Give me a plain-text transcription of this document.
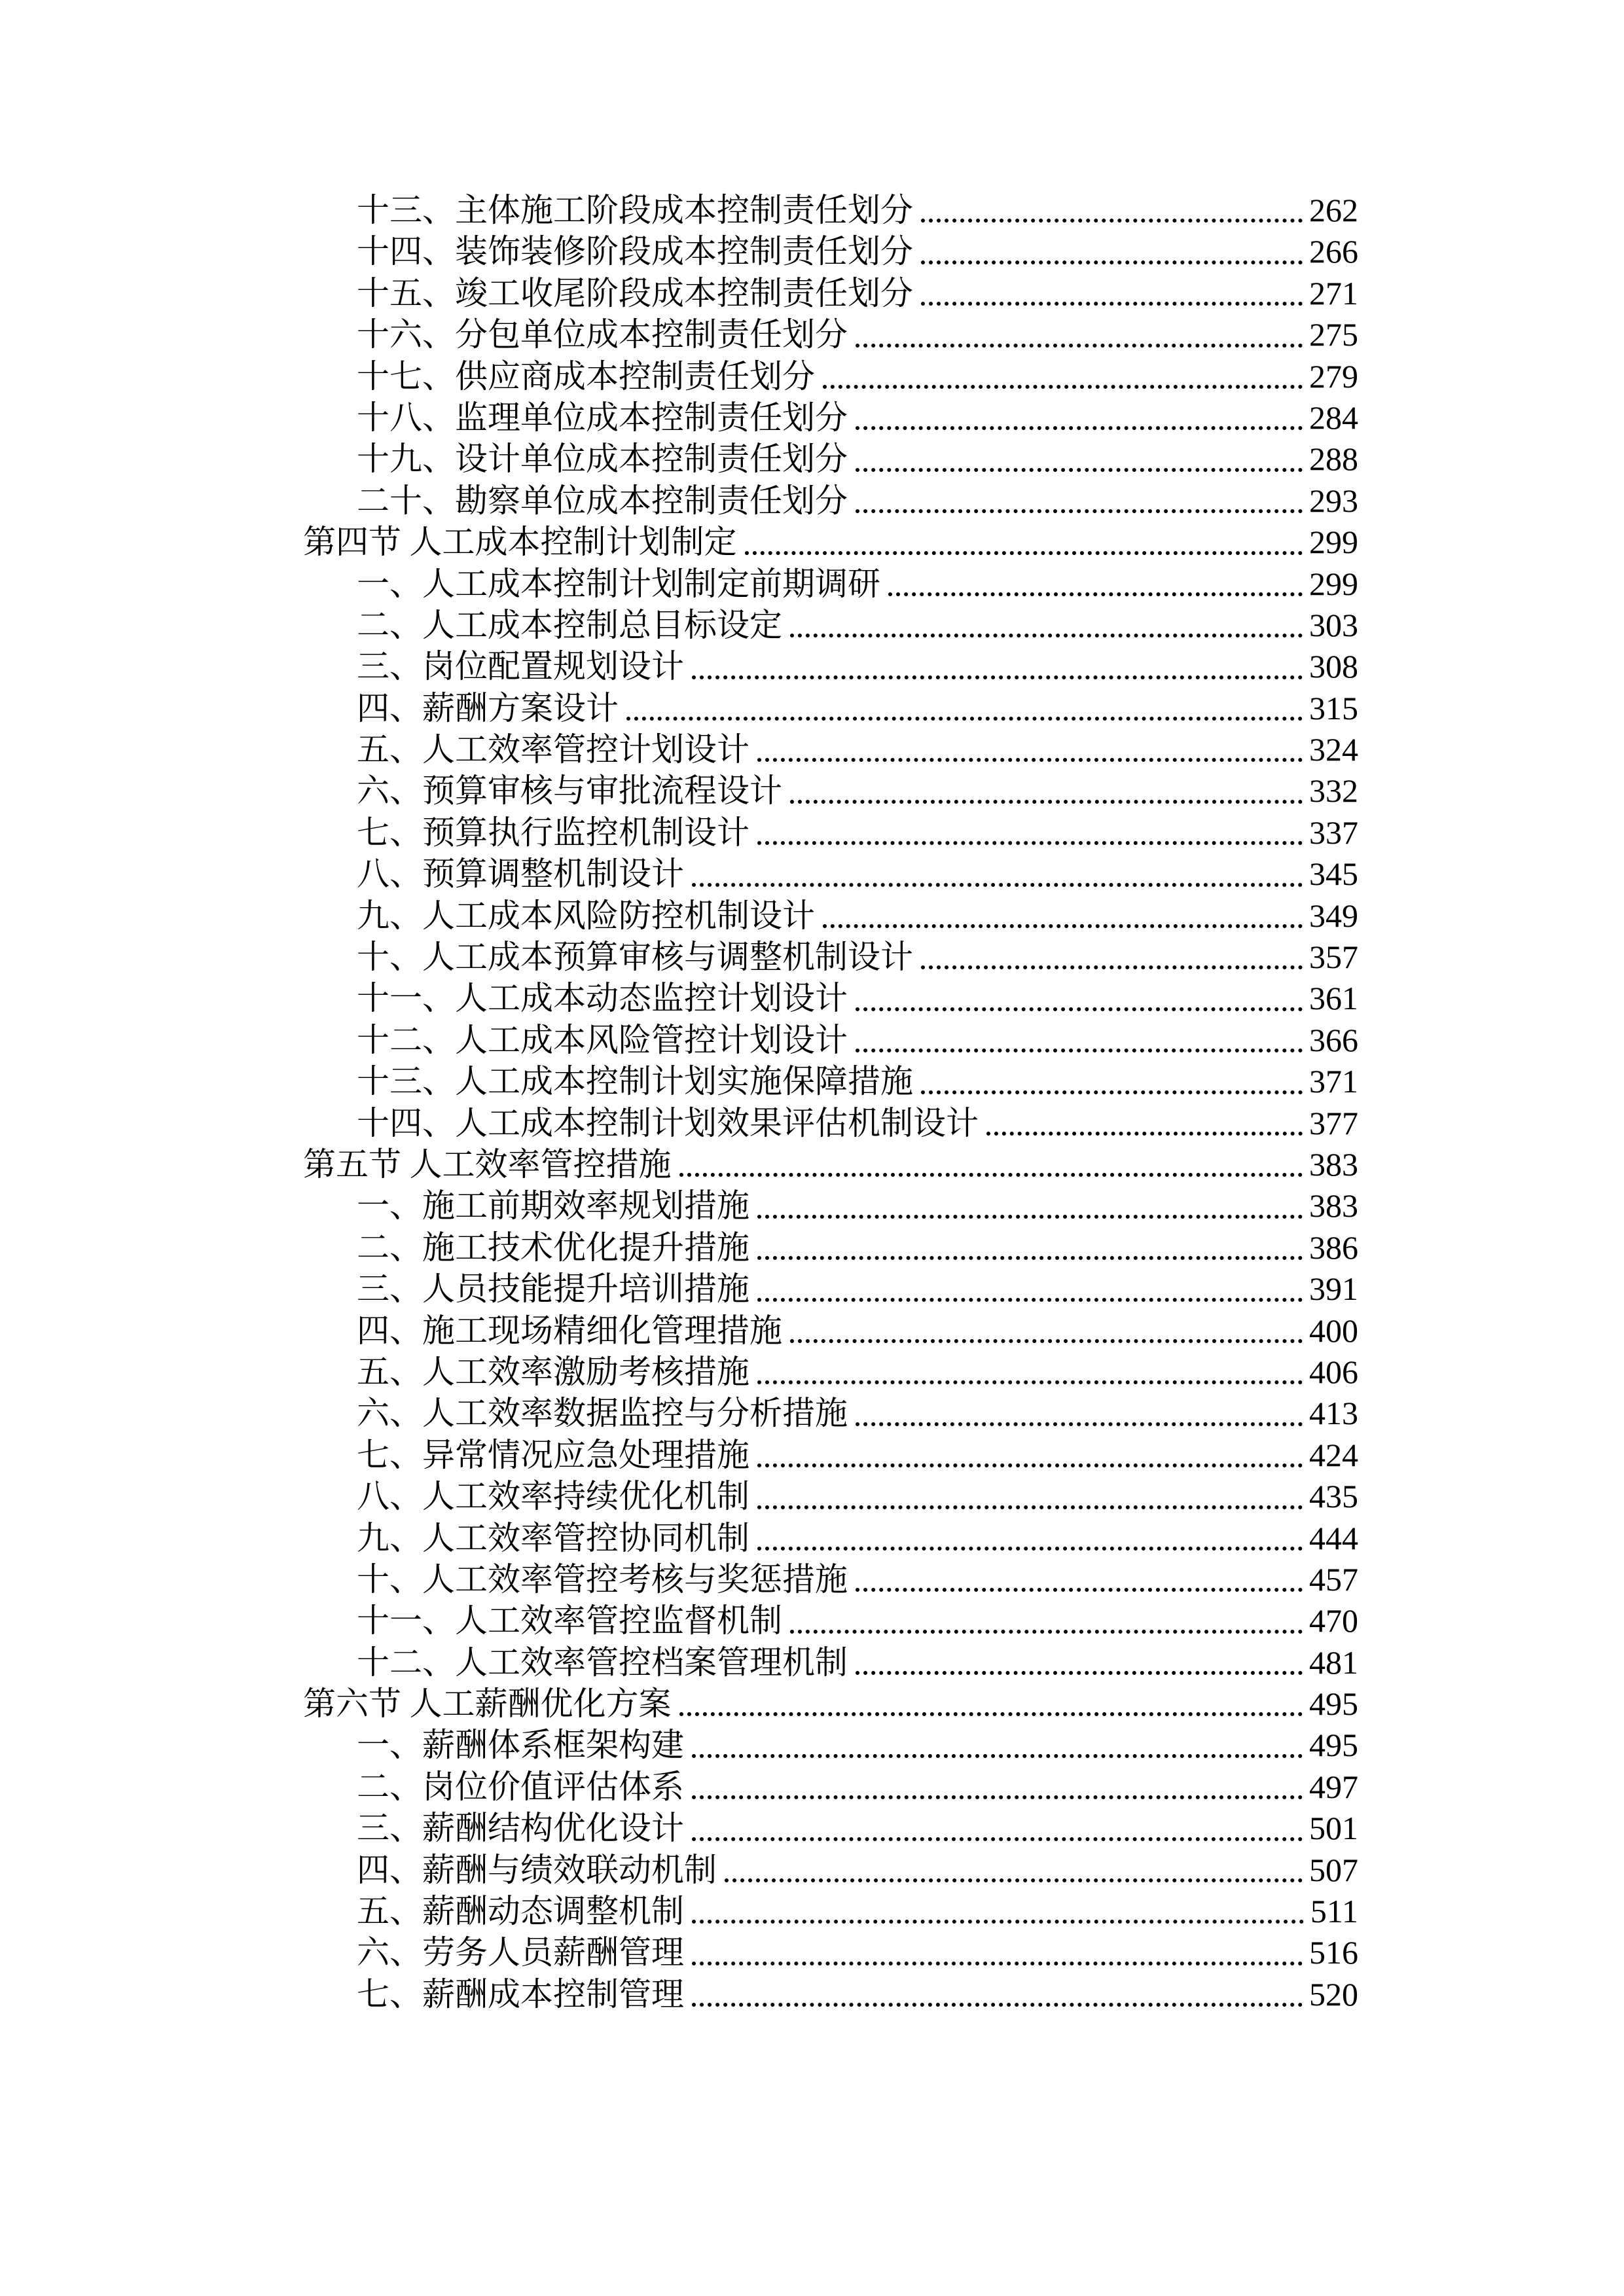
十三、主体施工阶段成本控制责任划分	262
十四、装饰装修阶段成本控制责任划分	266
十五、竣工收尾阶段成本控制责任划分	271
十六、分包单位成本控制责任划分	275
十七、供应商成本控制责任划分	279
十八、监理单位成本控制责任划分	284
十九、设计单位成本控制责任划分	288
二十、勘察单位成本控制责任划分	293
第四节 人工成本控制计划制定	299
一、人工成本控制计划制定前期调研	299
二、人工成本控制总目标设定	303
三、岗位配置规划设计	308
四、薪酬方案设计	315
五、人工效率管控计划设计	324
六、预算审核与审批流程设计	332
七、预算执行监控机制设计	337
八、预算调整机制设计	345
九、人工成本风险防控机制设计	349
十、人工成本预算审核与调整机制设计	357
十一、人工成本动态监控计划设计	361
十二、人工成本风险管控计划设计	366
十三、人工成本控制计划实施保障措施	371
十四、人工成本控制计划效果评估机制设计	377
第五节 人工效率管控措施	383
一、施工前期效率规划措施	383
二、施工技术优化提升措施	386
三、人员技能提升培训措施	391
四、施工现场精细化管理措施	400
五、人工效率激励考核措施	406
六、人工效率数据监控与分析措施	413
七、异常情况应急处理措施	424
八、人工效率持续优化机制	435
九、人工效率管控协同机制	444
十、人工效率管控考核与奖惩措施	457
十一、人工效率管控监督机制	470
十二、人工效率管控档案管理机制	481
第六节 人工薪酬优化方案	495
一、薪酬体系框架构建	495
二、岗位价值评估体系	497
三、薪酬结构优化设计	501
四、薪酬与绩效联动机制	507
五、薪酬动态调整机制	511
六、劳务人员薪酬管理	516
七、薪酬成本控制管理	520
